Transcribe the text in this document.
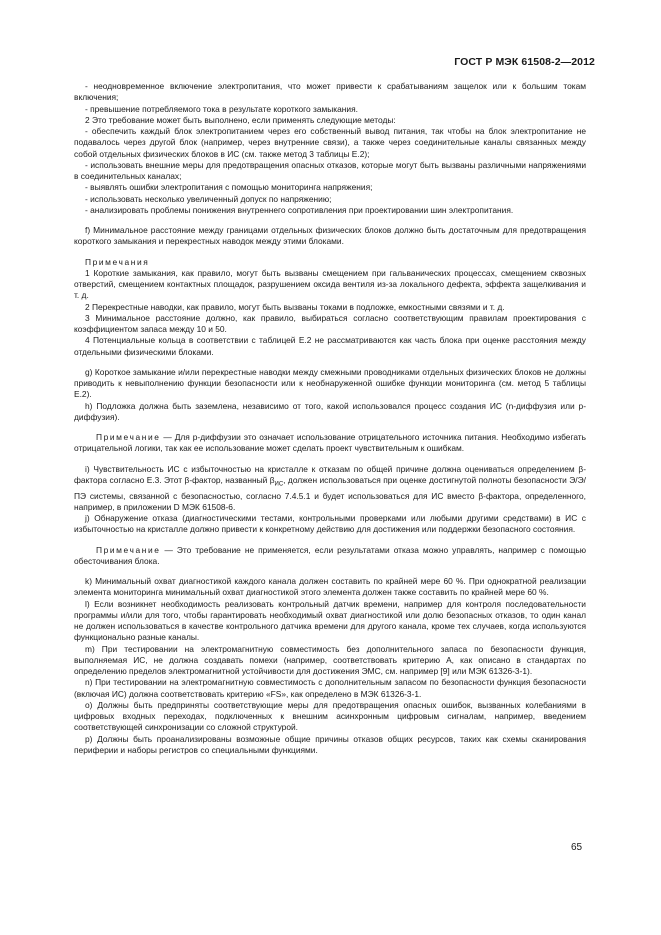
ГОСТ Р МЭК 61508-2—2012

- неодновременное включение электропитания, что может привести к срабатываниям защелок или к большим токам включения;

- превышение потребляемого тока в результате короткого замыкания.

2 Это требование может быть выполнено, если применять следующие методы:

- обеспечить каждый блок электропитанием через его собственный вывод питания, так чтобы на блок электропитание не подавалось через другой блок (например, через внутренние связи), а также через соединительные каналы связанных между собой отдельных физических блоков в ИС (см. также метод 3 таблицы Е.2);

- использовать внешние меры для предотвращения опасных отказов, которые могут быть вызваны различными напряжениями в соединительных каналах;

- выявлять ошибки электропитания с помощью мониторинга напряжения;

- использовать несколько увеличенный допуск по напряжению;

- анализировать проблемы понижения внутреннего сопротивления при проектировании шин электропитания.

f) Минимальное расстояние между границами отдельных физических блоков должно быть достаточным для предотвращения короткого замыкания и перекрестных наводок между этими блоками.

Примечания

1 Короткие замыкания, как правило, могут быть вызваны смещением при гальванических процессах, смещением сквозных отверстий, смещением контактных площадок, разрушением оксида вентиля из-за локального дефекта, эффекта защелкивания и т. д.

2 Перекрестные наводки, как правило, могут быть вызваны токами в подложке, емкостными связями и т. д.

3 Минимальное расстояние должно, как правило, выбираться согласно соответствующим правилам проектирования с коэффициентом запаса между 10 и 50.

4 Потенциальные кольца в соответствии с таблицей Е.2 не рассматриваются как часть блока при оценке расстояния между отдельными физическими блоками.

g) Короткое замыкание и/или перекрестные наводки между смежными проводниками отдельных физических блоков не должны приводить к невыполнению функции безопасности или к необнаруженной ошибке функции мониторинга (см. метод 5 таблицы Е.2).

h) Подложка должна быть заземлена, независимо от того, какой использовался процесс создания ИС (n-диффузия или p-диффузия).

Примечание — Для p-диффузии это означает использование отрицательного источника питания. Необходимо избегать отрицательной логики, так как ее использование может сделать проект чувствительным к ошибкам.

i) Чувствительность ИС с избыточностью на кристалле к отказам по общей причине должна оцениваться определением β-фактора согласно Е.3. Этот β-фактор, названный $\beta_{ИС}$, должен использоваться при оценке достигнутой полноты безопасности Э/Э/ПЭ системы, связанной с безопасностью, согласно 7.4.5.1 и будет использоваться для ИС вместо β-фактора, определенного, например, в приложении D МЭК 61508-6.

j) Обнаружение отказа (диагностическими тестами, контрольными проверками или любыми другими средствами) в ИС с избыточностью на кристалле должно привести к конкретному действию для достижения или поддержки безопасного состояния.

Примечание — Это требование не применяется, если результатами отказа можно управлять, например с помощью обесточивания блока.

k) Минимальный охват диагностикой каждого канала должен составить по крайней мере 60 %. При однократной реализации элемента мониторинга минимальный охват диагностикой этого элемента должен также составить по крайней мере 60 %.

l) Если возникнет необходимость реализовать контрольный датчик времени, например для контроля последовательности программы и/или для того, чтобы гарантировать необходимый охват диагностикой или долю безопасных отказов, то один канал не должен использоваться в качестве контрольного датчика времени для другого канала, кроме тех случаев, когда используются функционально разные каналы.

m) При тестировании на электромагнитную совместимость без дополнительного запаса по безопасности функция, выполняемая ИС, не должна создавать помехи (например, соответствовать критерию А, как описано в стандартах по определению пределов электромагнитной устойчивости для достижения ЭМС, см. например [9] или МЭК 61326-3-1).

n) При тестировании на электромагнитную совместимость с дополнительным запасом по безопасности функция безопасности (включая ИС) должна соответствовать критерию «FS», как определено в МЭК 61326-3-1.

o) Должны быть предприняты соответствующие меры для предотвращения опасных ошибок, вызванных колебаниями в цифровых входных переходах, подключенных к внешним асинхронным цифровым сигналам, например, введением соответствующей синхронизации со сложной структурой.

p) Должны быть проанализированы возможные общие причины отказов общих ресурсов, таких как схемы сканирования периферии и наборы регистров со специальными функциями.

65
